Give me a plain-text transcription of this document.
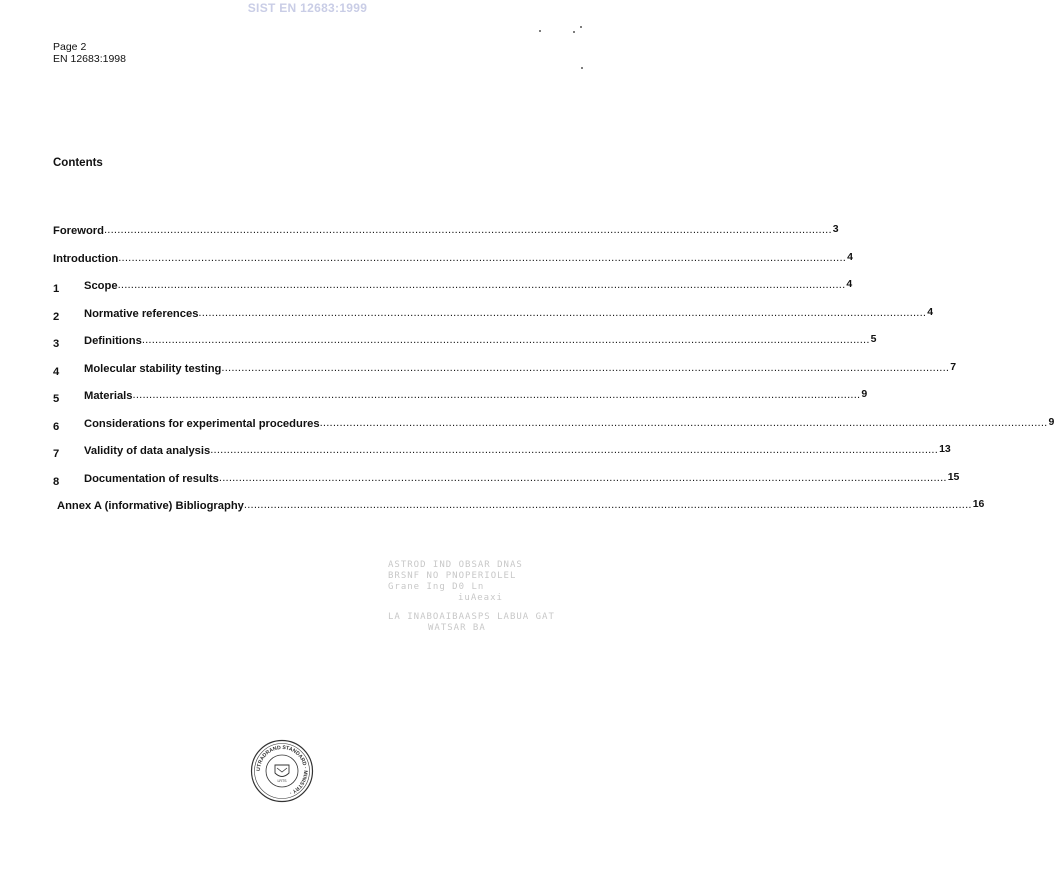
SIST EN 12683:1999
Page 2
EN 12683:1998
Contents
Foreword ............................................................................................................................................................................................................................ 3
Introduction ............................................................................................................................................................................................................................ 4
1	Scope ............................................................................................................................................................................................................................ 4
2	Normative references ............................................................................................................................................................................................................................ 4
3	Definitions ............................................................................................................................................................................................................................ 5
4	Molecular stability testing ............................................................................................................................................................................................................................ 7
5	Materials ............................................................................................................................................................................................................................ 9
6	Considerations for experimental procedures ............................................................................................................................................................................................................................ 9
7	Validity of data analysis ............................................................................................................................................................................................................................ 13
8	Documentation of results ............................................................................................................................................................................................................................ 15
Annex A (informative) Bibliography ............................................................................................................................................................................................................................ 16
ASTROD IND OBSAR DNAS
BRSNF NO PNOPERIOLEL
Grane Ing D0 Ln
iuAeaxi
LA INABOAIBAASPS LABUA GAT
WATSAR BA
UTRADRAND STANDARD · MINISTRY ·
LRTS
